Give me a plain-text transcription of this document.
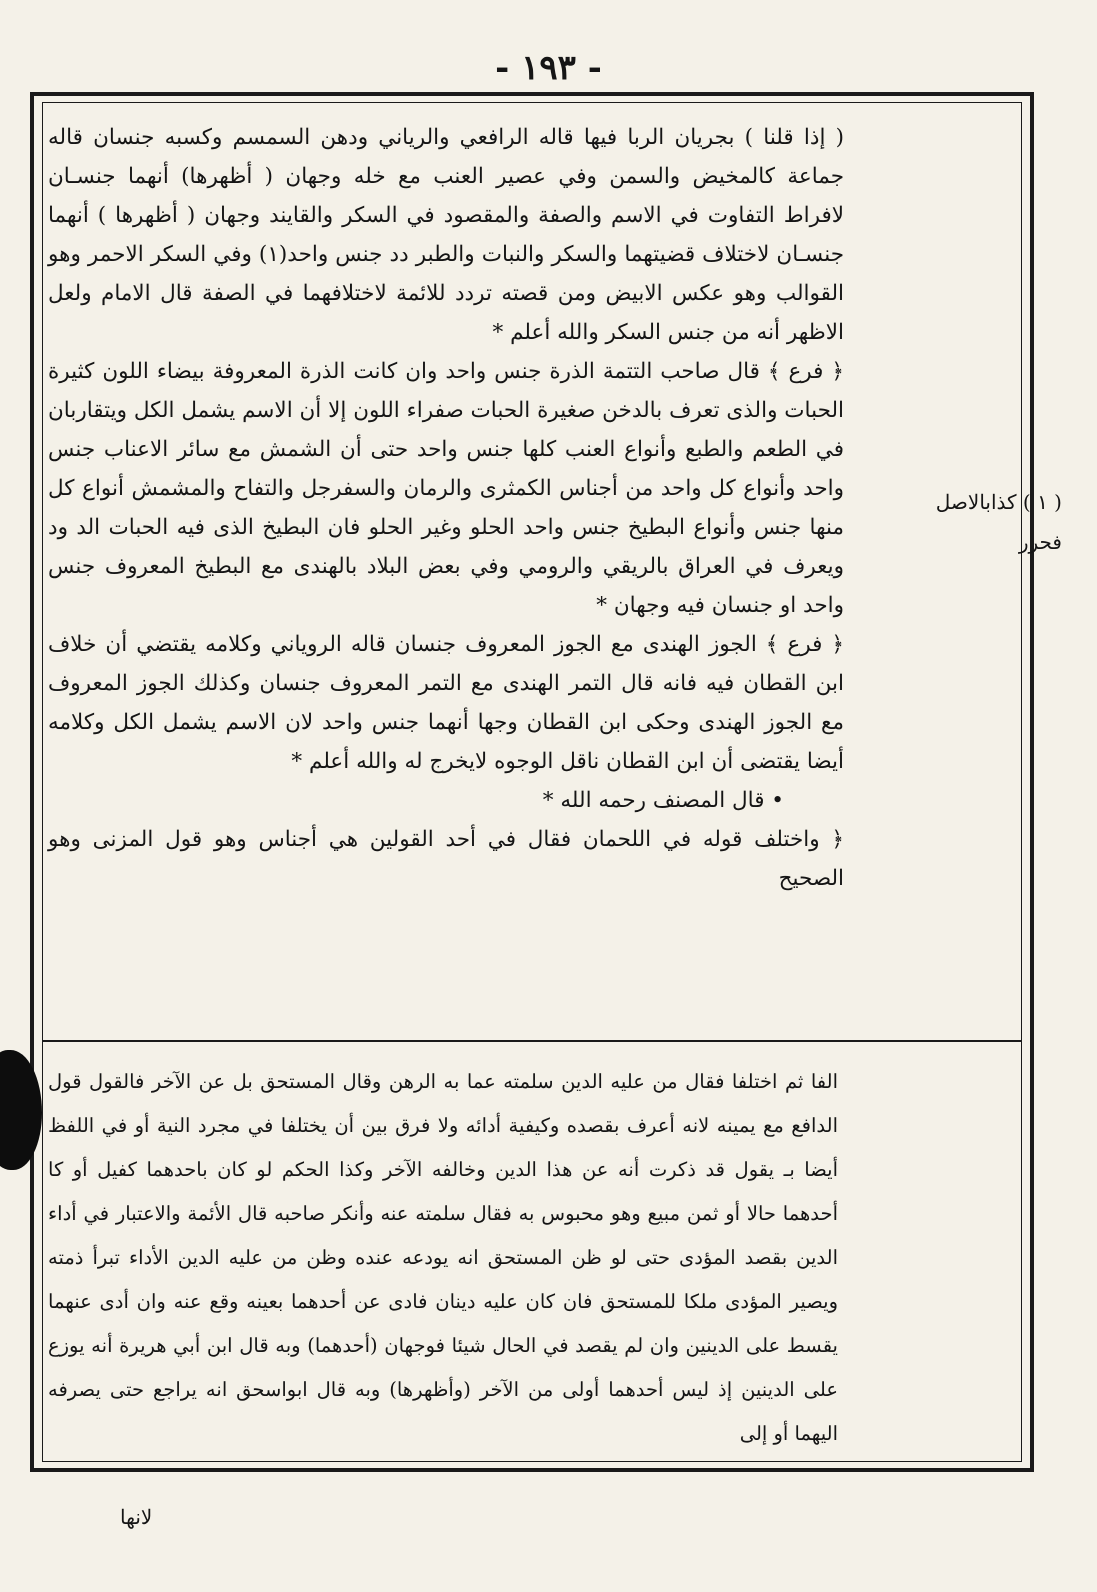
- ١٩٣ -

( إذا قلنا ) بجريان الربا فيها قاله الرافعي والرياني ودهن السمسم وكسبه جنسان قاله جماعة كالمخيض والسمن وفي عصير العنب مع خله وجهان ( أظهرها) أنهما جنسـان لافراط التفاوت في الاسم والصفة والمقصود في السكر والقايند وجهان ( أظهرها ) أنهما جنسـان لاختلاف قضيتهما والسكر والنبات والطبر دد جنس واحد(١) وفي السكر الاحمر وهو القوالب وهو عكس الابيض ومن قصته تردد للائمة لاختلافهما في الصفة قال الامام ولعل الاظهر أنه من جنس السكر والله أعلم *

﴿ فرع ﴾ قال صاحب التتمة الذرة جنس واحد وان كانت الذرة المعروفة بيضاء اللون كثيرة الحبات والذى تعرف بالدخن صغيرة الحبات صفراء اللون إلا أن الاسم يشمل الكل ويتقاربان في الطعم والطبع وأنواع العنب كلها جنس واحد حتى أن الشمش مع سائر الاعناب جنس واحد وأنواع كل واحد من أجناس الكمثرى والرمان والسفرجل والتفاح والمشمش أنواع كل منها جنس وأنواع البطيخ جنس واحد الحلو وغير الحلو فان البطيخ الذى فيه الحبات الد ود ويعرف في العراق بالريقي والرومي وفي بعض البلاد بالهندى مع البطيخ المعروف جنس واحد او جنسان فيه وجهان *

﴿ فرع ﴾ الجوز الهندى مع الجوز المعروف جنسان قاله الروياني وكلامه يقتضي أن خلاف ابن القطان فيه فانه قال التمر الهندى مع التمر المعروف جنسان وكذلك الجوز المعروف مع الجوز الهندى وحكى ابن القطان وجها أنهما جنس واحد لان الاسم يشمل الكل وكلامه أيضا يقتضى أن ابن القطان ناقل الوجوه لايخرج له والله أعلم *

• قال المصنف رحمه الله *

﴿ واختلف قوله في اللحمان فقال في أحد القولين هي أجناس وهو قول المزنى وهو الصحيح

الفا ثم اختلفا فقال من عليه الدين سلمته عما به الرهن وقال المستحق بل عن الآخر فالقول قول الدافع مع يمينه لانه أعرف بقصده وكيفية أدائه ولا فرق بين أن يختلفا في مجرد النية أو في اللفظ أيضا بـ يقول قد ذكرت أنه عن هذا الدين وخالفه الآخر وكذا الحكم لو كان باحدهما كفيل أو كا أحدهما حالا أو ثمن مبيع وهو محبوس به فقال سلمته عنه وأنكر صاحبه قال الأئمة والاعتبار في أداء الدين بقصد المؤدى حتى لو ظن المستحق انه يودعه عنده وظن من عليه الدين الأداء تبرأ ذمته ويصير المؤدى ملكا للمستحق فان كان عليه دينان فادى عن أحدهما بعينه وقع عنه وان أدى عنهما يقسط على الدينين وان لم يقصد في الحال شيئا فوجهان (أحدهما) وبه قال ابن أبي هريرة أنه يوزع على الدينين إذ ليس أحدهما أولى من الآخر (وأظهرها) وبه قال ابواسحق انه يراجع حتى يصرفه اليهما أو إلى

( ١ ) كذابالاصل
فحرر
لانها
